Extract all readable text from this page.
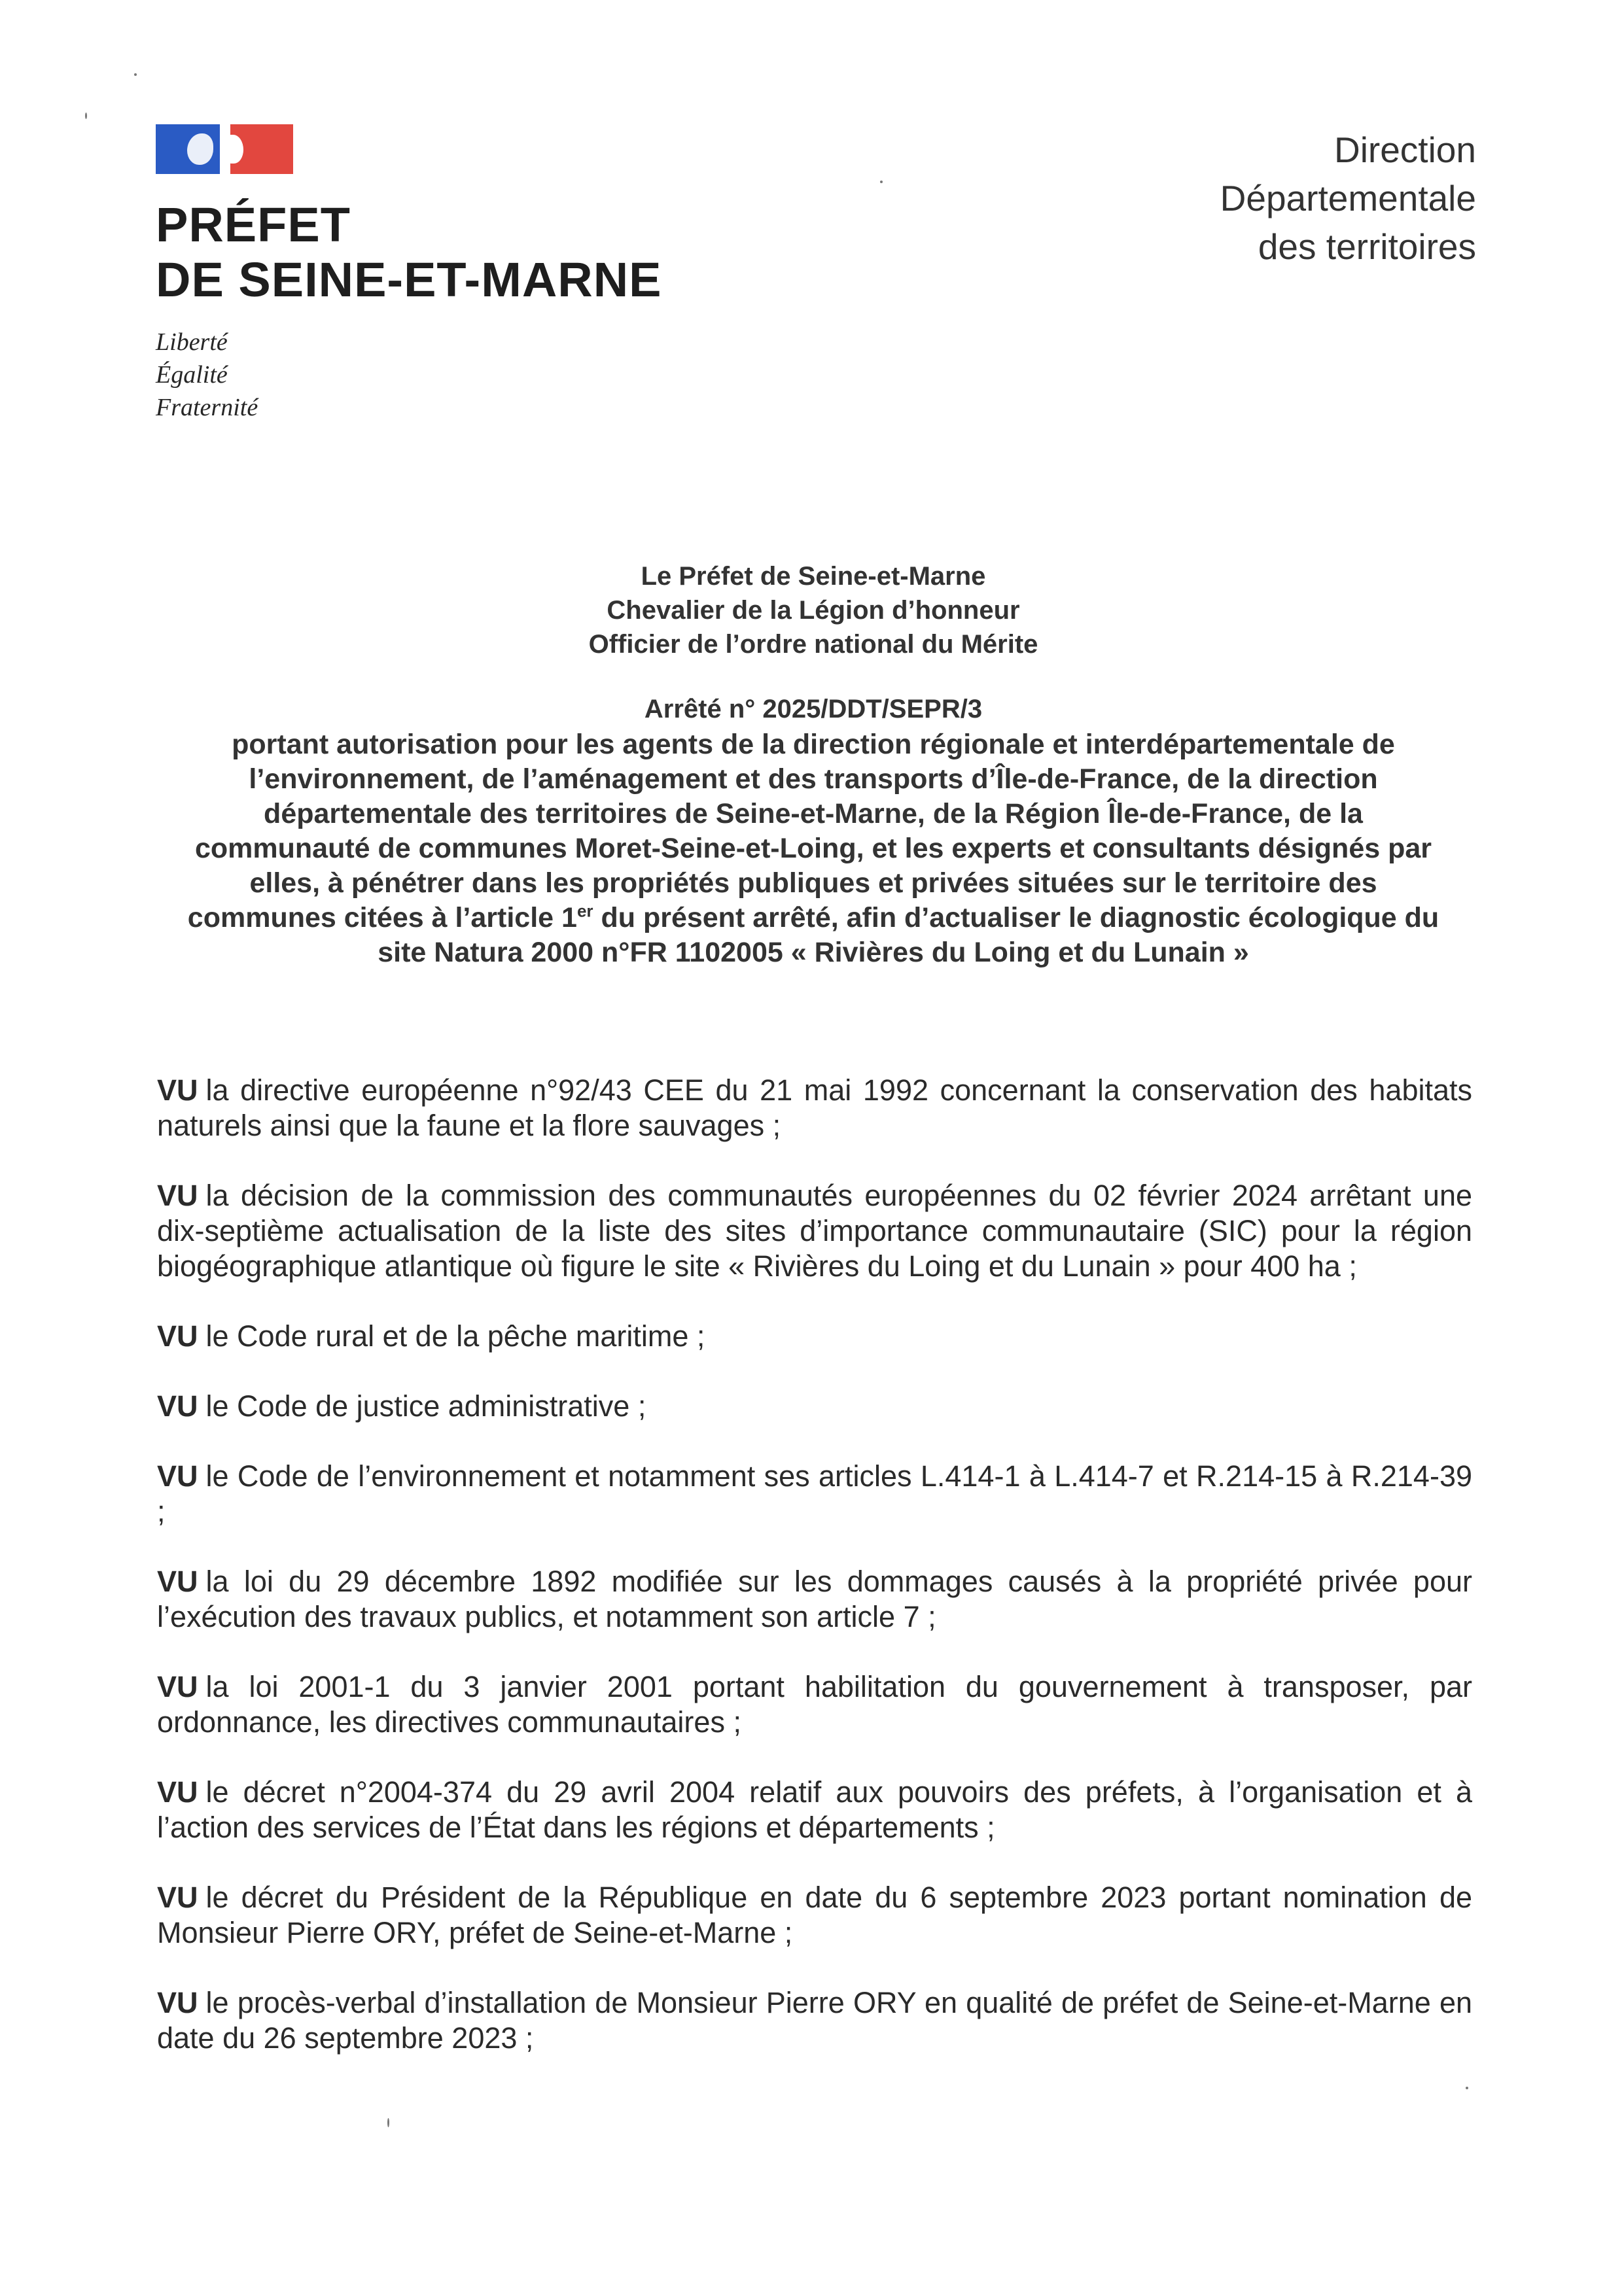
PRÉFET
DE SEINE-ET-MARNE
Liberté
Égalité
Fraternité
Direction
Départementale
des territoires
Le Préfet de Seine-et-Marne
Chevalier de la Légion d’honneur
Officier de l’ordre national du Mérite
Arrêté n° 2025/DDT/SEPR/3
portant autorisation pour les agents de la direction régionale et interdépartementale de
l’environnement, de l’aménagement et des transports d’Île-de-France, de la direction
départementale des territoires de Seine-et-Marne, de la Région Île-de-France, de la
communauté de communes Moret-Seine-et-Loing, et les experts et consultants désignés par
elles, à pénétrer dans les propriétés publiques et privées situées sur le territoire des
communes citées à l’article 1er du présent arrêté, afin d’actualiser le diagnostic écologique du
site Natura 2000 n°FR 1102005 « Rivières du Loing et du Lunain »

VU la directive européenne n°92/43 CEE du 21 mai 1992 concernant la conservation des habitats naturels ainsi que la faune et la flore sauvages ;

VU la décision de la commission des communautés européennes du 02 février 2024 arrêtant une dix-septième actualisation de la liste des sites d’importance communautaire (SIC) pour la région biogéographique atlantique où figure le site « Rivières du Loing et du Lunain » pour 400 ha ;

VU le Code rural et de la pêche maritime ;

VU le Code de justice administrative ;

VU le Code de l’environnement et notamment ses articles L.414-1 à L.414-7 et R.214-15 à R.214-39 ;

VU la loi du 29 décembre 1892 modifiée sur les dommages causés à la propriété privée pour l’exécution des travaux publics, et notamment son article 7 ;

VU la loi 2001-1 du 3 janvier 2001 portant habilitation du gouvernement à transposer, par ordonnance, les directives communautaires ;

VU le décret n°2004-374 du 29 avril 2004 relatif aux pouvoirs des préfets, à l’organisation et à l’action des services de l’État dans les régions et départements ;

VU le décret du Président de la République en date du 6 septembre 2023 portant nomination de Monsieur Pierre ORY, préfet de Seine-et-Marne ;

VU le procès-verbal d’installation de Monsieur Pierre ORY en qualité de préfet de Seine-et-Marne en date du 26 septembre 2023 ;
